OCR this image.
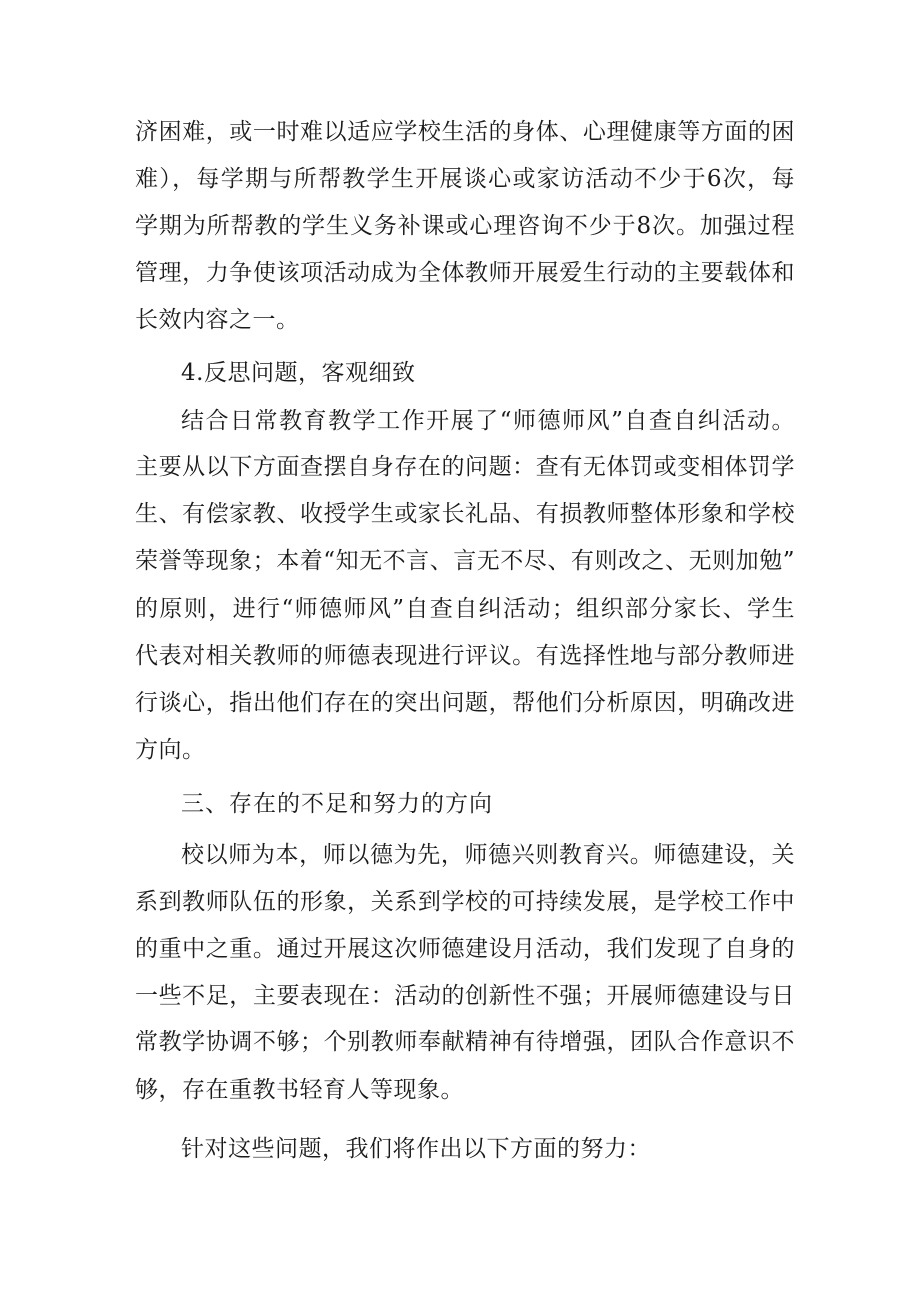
济困难，或一时难以适应学校生活的身体、心理健康等方面的困
难），每学期与所帮教学生开展谈心或家访活动不少于6次，每
学期为所帮教的学生义务补课或心理咨询不少于8次。加强过程
管理，力争使该项活动成为全体教师开展爱生行动的主要载体和
长效内容之一。
4.反思问题，客观细致
结合日常教育教学工作开展了“师德师风”自查自纠活动。
主要从以下方面查摆自身存在的问题：查有无体罚或变相体罚学
生、有偿家教、收授学生或家长礼品、有损教师整体形象和学校
荣誉等现象；本着“知无不言、言无不尽、有则改之、无则加勉”
的原则，进行“师德师风”自查自纠活动；组织部分家长、学生
代表对相关教师的师德表现进行评议。有选择性地与部分教师进
行谈心，指出他们存在的突出问题，帮他们分析原因，明确改进
方向。
三、存在的不足和努力的方向
校以师为本，师以德为先，师德兴则教育兴。师德建设，关
系到教师队伍的形象，关系到学校的可持续发展，是学校工作中
的重中之重。通过开展这次师德建设月活动，我们发现了自身的
一些不足，主要表现在：活动的创新性不强；开展师德建设与日
常教学协调不够；个别教师奉献精神有待增强，团队合作意识不
够，存在重教书轻育人等现象。
针对这些问题，我们将作出以下方面的努力：
